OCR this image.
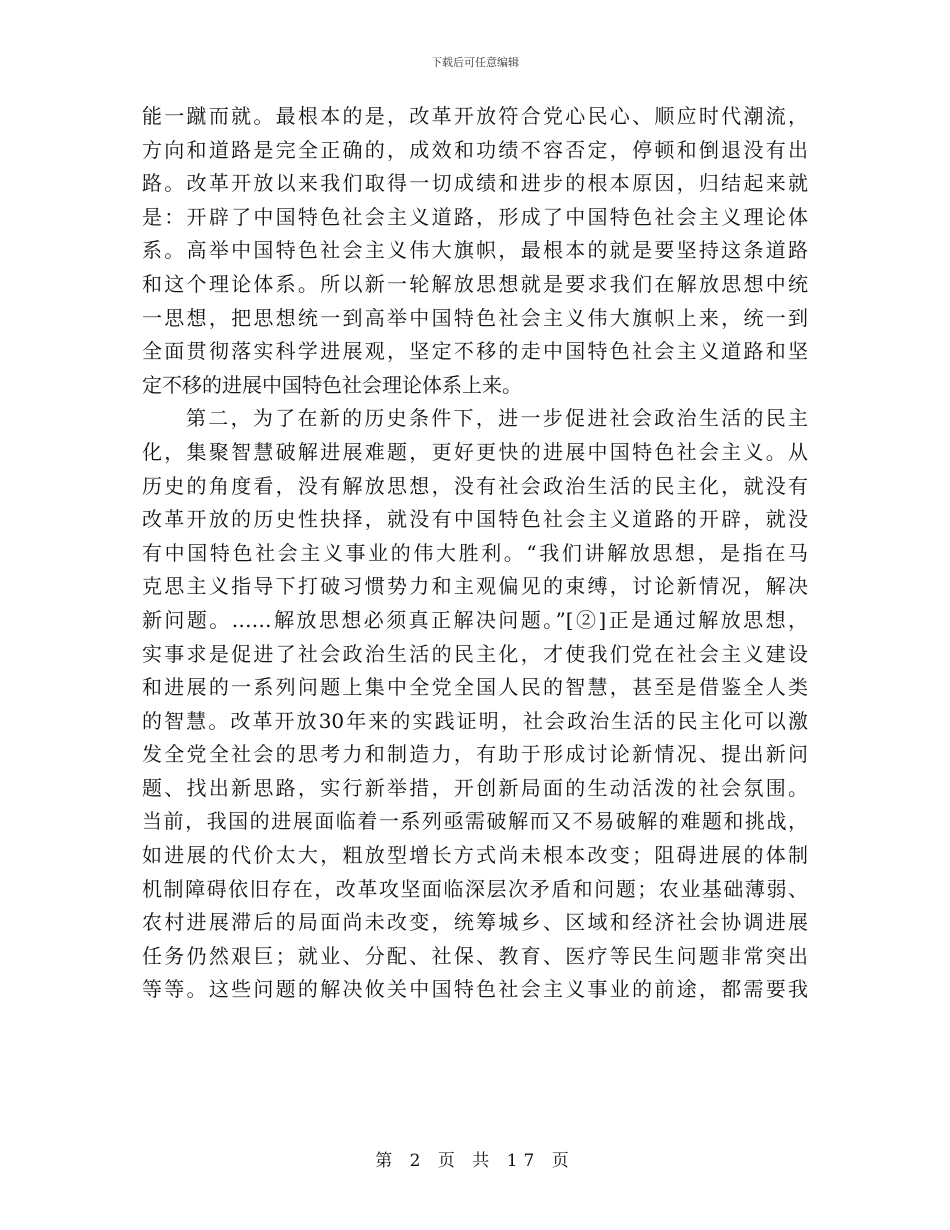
下载后可任意编辑
能一蹴而就。最根本的是，改革开放符合党心民心、顺应时代潮流，
方向和道路是完全正确的，成效和功绩不容否定，停顿和倒退没有出
路。改革开放以来我们取得一切成绩和进步的根本原因，归结起来就
是：开辟了中国特色社会主义道路，形成了中国特色社会主义理论体
系。高举中国特色社会主义伟大旗帜，最根本的就是要坚持这条道路
和这个理论体系。所以新一轮解放思想就是要求我们在解放思想中统
一思想，把思想统一到高举中国特色社会主义伟大旗帜上来，统一到
全面贯彻落实科学进展观，坚定不移的走中国特色社会主义道路和坚
定不移的进展中国特色社会理论体系上来。
第二，为了在新的历史条件下，进一步促进社会政治生活的民主
化，集聚智慧破解进展难题，更好更快的进展中国特色社会主义。从
历史的角度看，没有解放思想，没有社会政治生活的民主化，就没有
改革开放的历史性抉择，就没有中国特色社会主义道路的开辟，就没
有中国特色社会主义事业的伟大胜利。“我们讲解放思想，是指在马
克思主义指导下打破习惯势力和主观偏见的束缚，讨论新情况，解决
新问题。……解放思想必须真正解决问题。”[②]正是通过解放思想，
实事求是促进了社会政治生活的民主化，才使我们党在社会主义建设
和进展的一系列问题上集中全党全国人民的智慧，甚至是借鉴全人类
的智慧。改革开放30年来的实践证明，社会政治生活的民主化可以激
发全党全社会的思考力和制造力，有助于形成讨论新情况、提出新问
题、找出新思路，实行新举措，开创新局面的生动活泼的社会氛围。
当前，我国的进展面临着一系列亟需破解而又不易破解的难题和挑战，
如进展的代价太大，粗放型增长方式尚未根本改变；阻碍进展的体制
机制障碍依旧存在，改革攻坚面临深层次矛盾和问题；农业基础薄弱、
农村进展滞后的局面尚未改变，统筹城乡、区域和经济社会协调进展
任务仍然艰巨；就业、分配、社保、教育、医疗等民生问题非常突出
等等。这些问题的解决攸关中国特色社会主义事业的前途，都需要我
第 2 页 共 17 页
